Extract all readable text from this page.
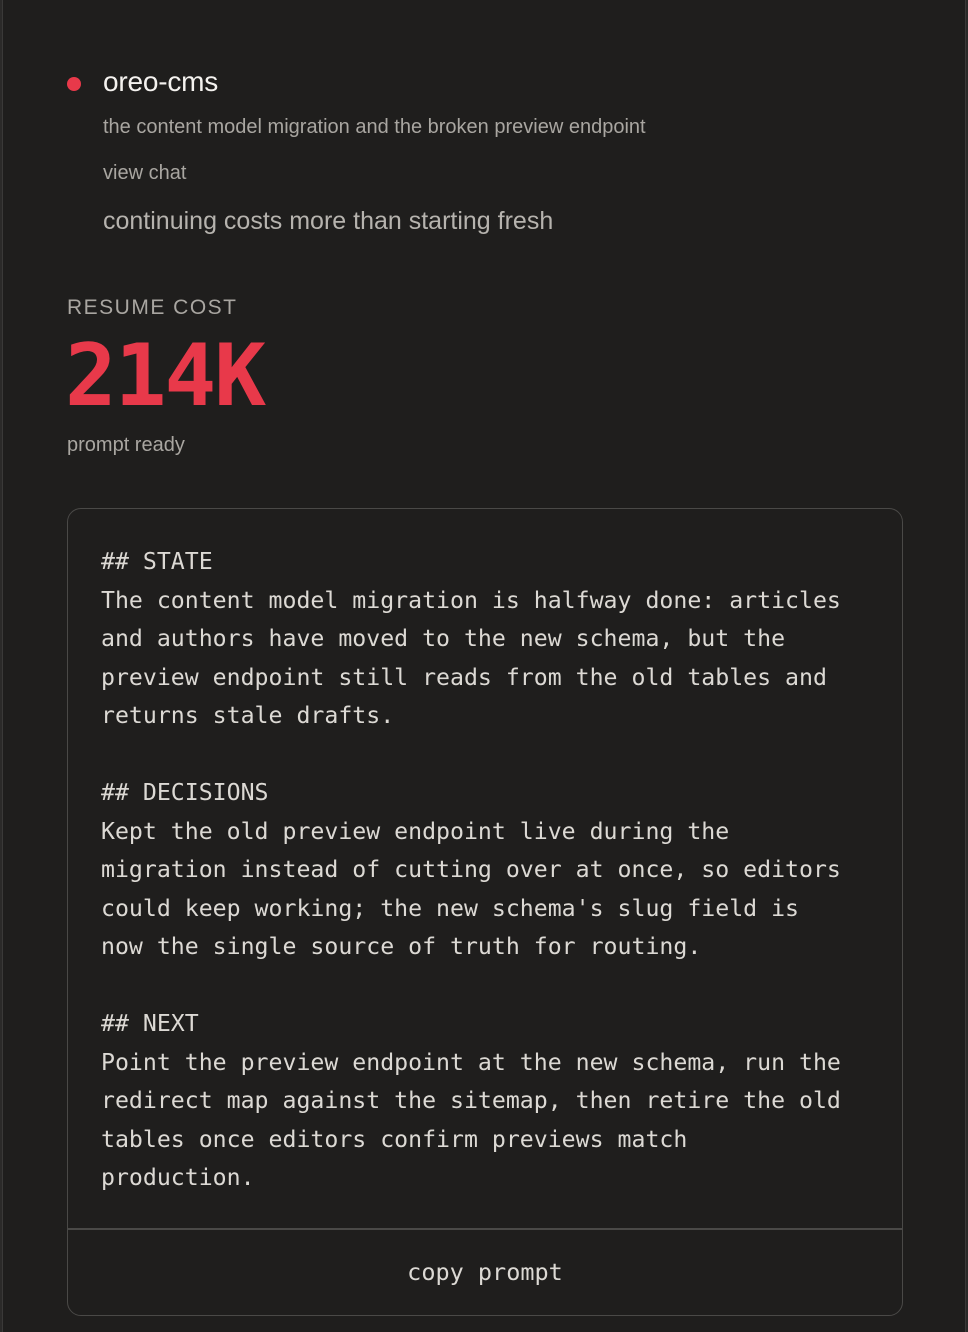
oreo-cms
the content model migration and the broken preview endpoint
view chat
continuing costs more than starting fresh
RESUME COST
214K
prompt ready
## STATE
The content model migration is halfway done: articles
and authors have moved to the new schema, but the
preview endpoint still reads from the old tables and
returns stale drafts.

## DECISIONS
Kept the old preview endpoint live during the
migration instead of cutting over at once, so editors
could keep working; the new schema's slug field is
now the single source of truth for routing.

## NEXT
Point the preview endpoint at the new schema, run the
redirect map against the sitemap, then retire the old
tables once editors confirm previews match
production.
copy prompt
